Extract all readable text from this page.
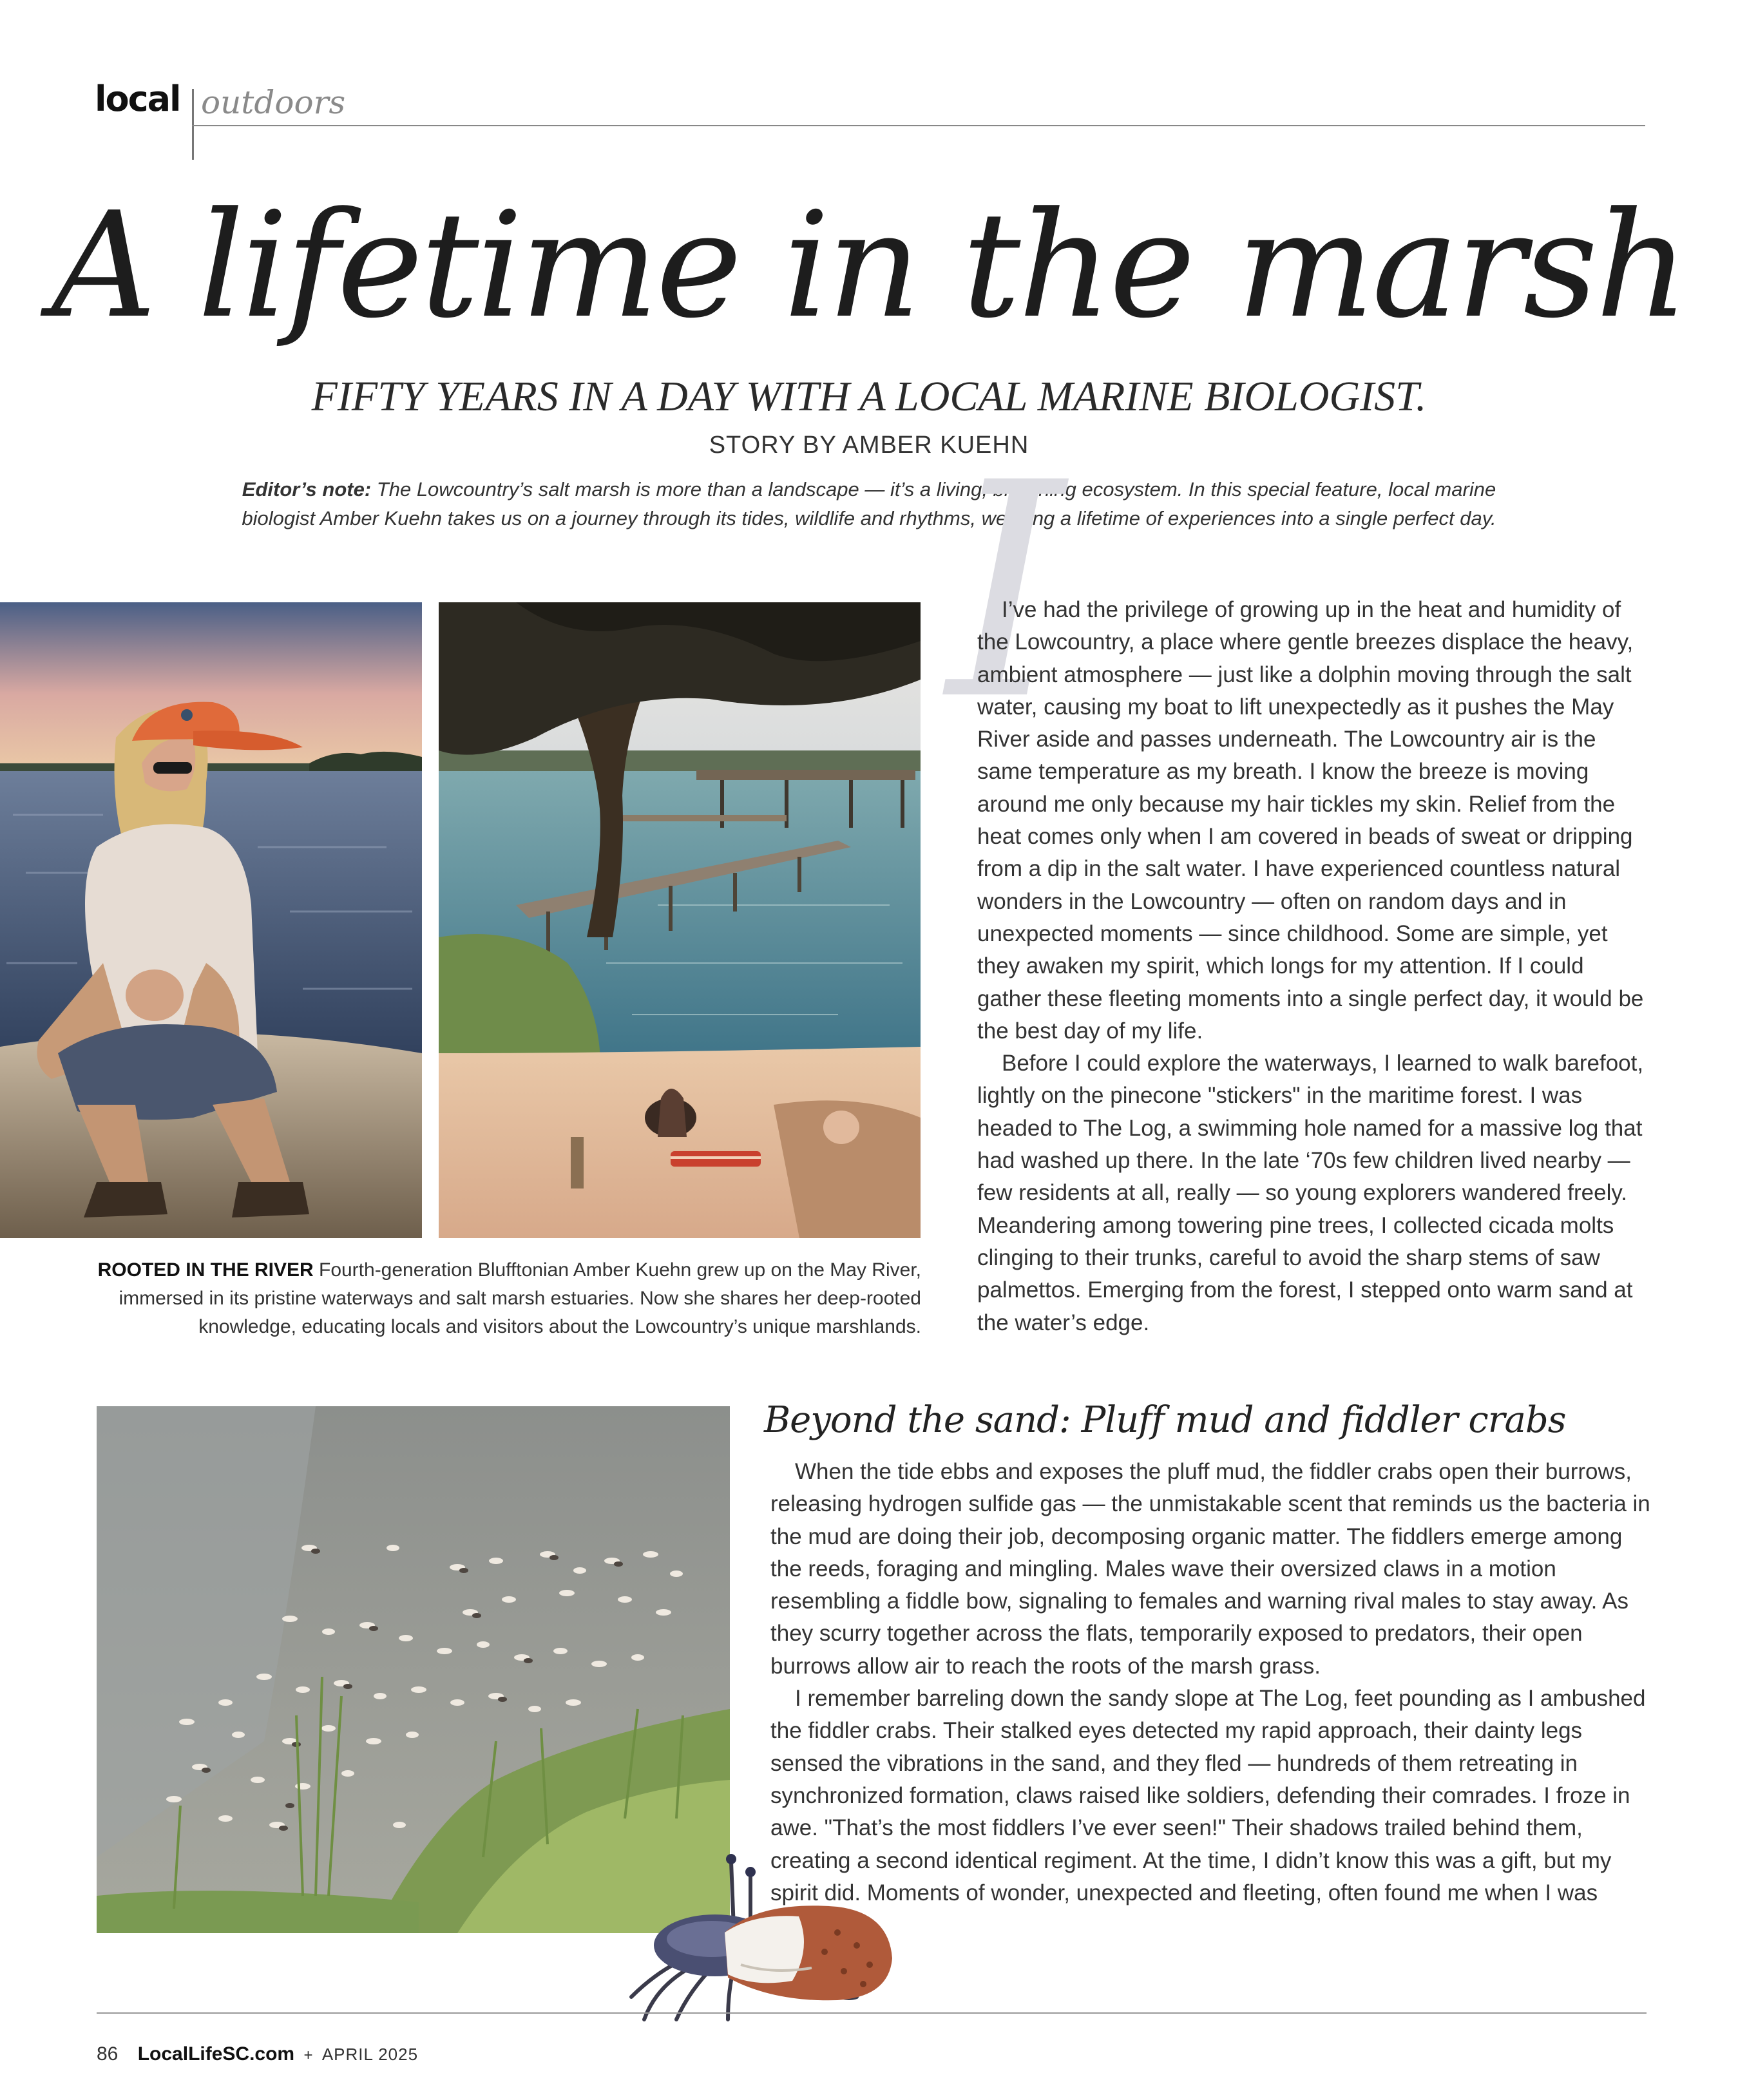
local outdoors
A lifetime in the marsh
FIFTY YEARS IN A DAY WITH A LOCAL MARINE BIOLOGIST.
STORY BY AMBER KUEHN
Editor’s note: The Lowcountry’s salt marsh is more than a landscape — it’s a living, breathing ecosystem. In this special feature, local marine biologist Amber Kuehn takes us on a journey through its tides, wildlife and rhythms, weaving a lifetime of experiences into a single perfect day.
I
ROOTED IN THE RIVER Fourth-generation Blufftonian Amber Kuehn grew up on the May River, immersed in its pristine waterways and salt marsh estuaries. Now she shares her deep-rooted knowledge, educating locals and visitors about the Lowcountry’s unique marshlands.

I’ve had the privilege of growing up in the heat and humidity of the Lowcountry, a place where gentle breezes displace the heavy, ambient atmosphere — just like a dolphin moving through the salt water, causing my boat to lift unexpectedly as it pushes the May River aside and passes underneath. The Lowcountry air is the same temperature as my breath. I know the breeze is moving around me only because my hair tickles my skin. Relief from the heat comes only when I am covered in beads of sweat or dripping from a dip in the salt water. I have experienced countless natural wonders in the Lowcountry — often on random days and in unexpected moments — since childhood. Some are simple, yet they awaken my spirit, which longs for my attention. If I could gather these fleeting moments into a single perfect day, it would be the best day of my life.

Before I could explore the waterways, I learned to walk barefoot, lightly on the pinecone "stickers" in the maritime forest. I was headed to The Log, a swimming hole named for a massive log that had washed up there. In the late ‘70s few children lived nearby — few residents at all, really — so young explorers wandered freely. Meandering among towering pine trees, I collected cicada molts clinging to their trunks, careful to avoid the sharp stems of saw palmettos. Emerging from the forest, I stepped onto warm sand at the water’s edge.

Beyond the sand: Pluff mud and fiddler crabs

When the tide ebbs and exposes the pluff mud, the fiddler crabs open their burrows, releasing hydrogen sulfide gas — the unmistakable scent that reminds us the bacteria in the mud are doing their job, decomposing organic matter. The fiddlers emerge among the reeds, foraging and mingling. Males wave their oversized claws in a motion resembling a fiddle bow, signaling to females and warning rival males to stay away. As they scurry together across the flats, temporarily exposed to predators, their open burrows allow air to reach the roots of the marsh grass.

I remember barreling down the sandy slope at The Log, feet pounding as I ambushed the fiddler crabs. Their stalked eyes detected my rapid approach, their dainty legs sensed the vibrations in the sand, and they fled — hundreds of them retreating in synchronized formation, claws raised like soldiers, defending their comrades. I froze in awe. "That’s the most fiddlers I’ve ever seen!" Their shadows trailed behind them, creating a second identical regiment. At the time, I didn’t know this was a gift, but my spirit did. Moments of wonder, unexpected and fleeting, often found me when I was

86 LocalLifeSC.com + APRIL 2025
